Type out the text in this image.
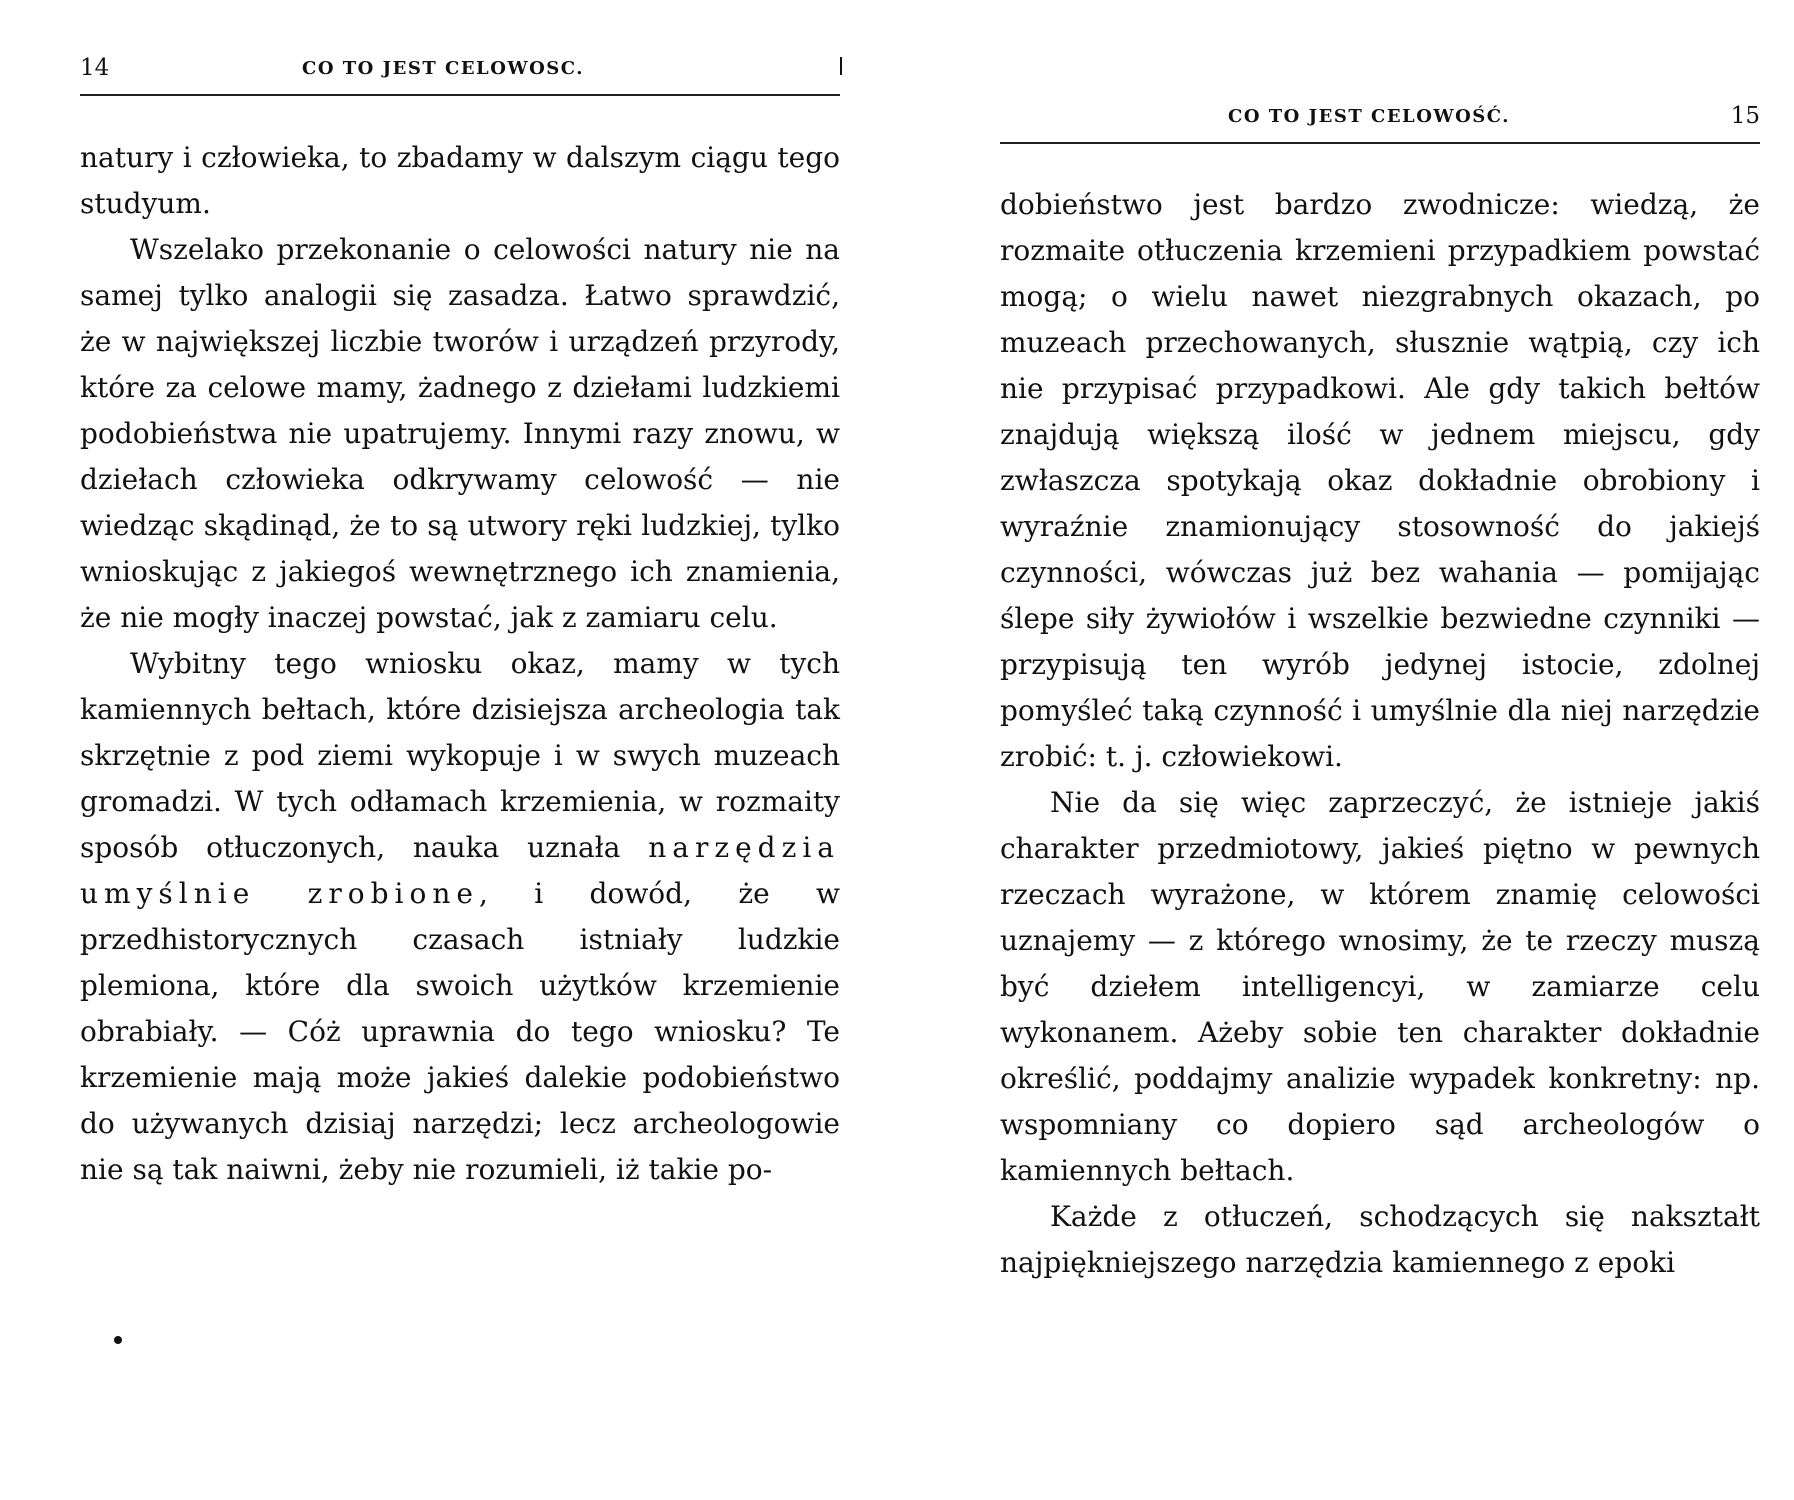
14	CO TO JEST CELOWOSC.

natury i człowieka, to zbadamy w dalszym ciągu tego studyum.

Wszelako przekonanie o celowości natury nie na samej tylko analogii się zasadza. Łatwo sprawdzić, że w największej liczbie tworów i urządzeń przyrody, które za celowe mamy, żadnego z dziełami ludzkiemi podobieństwa nie upatrujemy. Innymi razy znowu, w dziełach człowieka odkrywamy celowość — nie wiedząc skądinąd, że to są utwory ręki ludzkiej, tylko wnioskując z jakiegoś wewnętrznego ich znamienia, że nie mogły inaczej powstać, jak z zamiaru celu.

Wybitny tego wniosku okaz, mamy w tych kamiennych bełtach, które dzisiejsza archeologia tak skrzętnie z pod ziemi wykopuje i w swych muzeach gromadzi. W tych odłamach krzemienia, w rozmaity sposób otłuczonych, nauka uznała narzędzia umyślnie zrobione, i dowód, że w przedhistorycznych czasach istniały ludzkie plemiona, które dla swoich użytków krzemienie obrabiały. — Cóż uprawnia do tego wniosku? Te krzemienie mają może jakieś dalekie podobieństwo do używanych dzisiaj narzędzi; lecz archeologowie nie są tak naiwni, żeby nie rozumieli, iż takie po-

CO TO JEST CELOWOŚĆ.	15

dobieństwo jest bardzo zwodnicze: wiedzą, że rozmaite otłuczenia krzemieni przypadkiem powstać mogą; o wielu nawet niezgrabnych okazach, po muzeach przechowanych, słusznie wątpią, czy ich nie przypisać przypadkowi. Ale gdy takich bełtów znajdują większą ilość w jednem miejscu, gdy zwłaszcza spotykają okaz dokładnie obrobiony i wyraźnie znamionujący stosowność do jakiejś czynności, wówczas już bez wahania — pomijając ślepe siły żywiołów i wszelkie bezwiedne czynniki — przypisują ten wyrób jedynej istocie, zdolnej pomyśleć taką czynność i umyślnie dla niej narzędzie zrobić: t. j. człowiekowi.

Nie da się więc zaprzeczyć, że istnieje jakiś charakter przedmiotowy, jakieś piętno w pewnych rzeczach wyrażone, w którem znamię celowości uznajemy — z którego wnosimy, że te rzeczy muszą być dziełem intelligencyi, w zamiarze celu wykonanem. Ażeby sobie ten charakter dokładnie określić, poddajmy analizie wypadek konkretny: np. wspomniany co dopiero sąd archeologów o kamiennych bełtach.

Każde z otłuczeń, schodzących się nakształt najpiękniejszego narzędzia kamiennego z epoki
